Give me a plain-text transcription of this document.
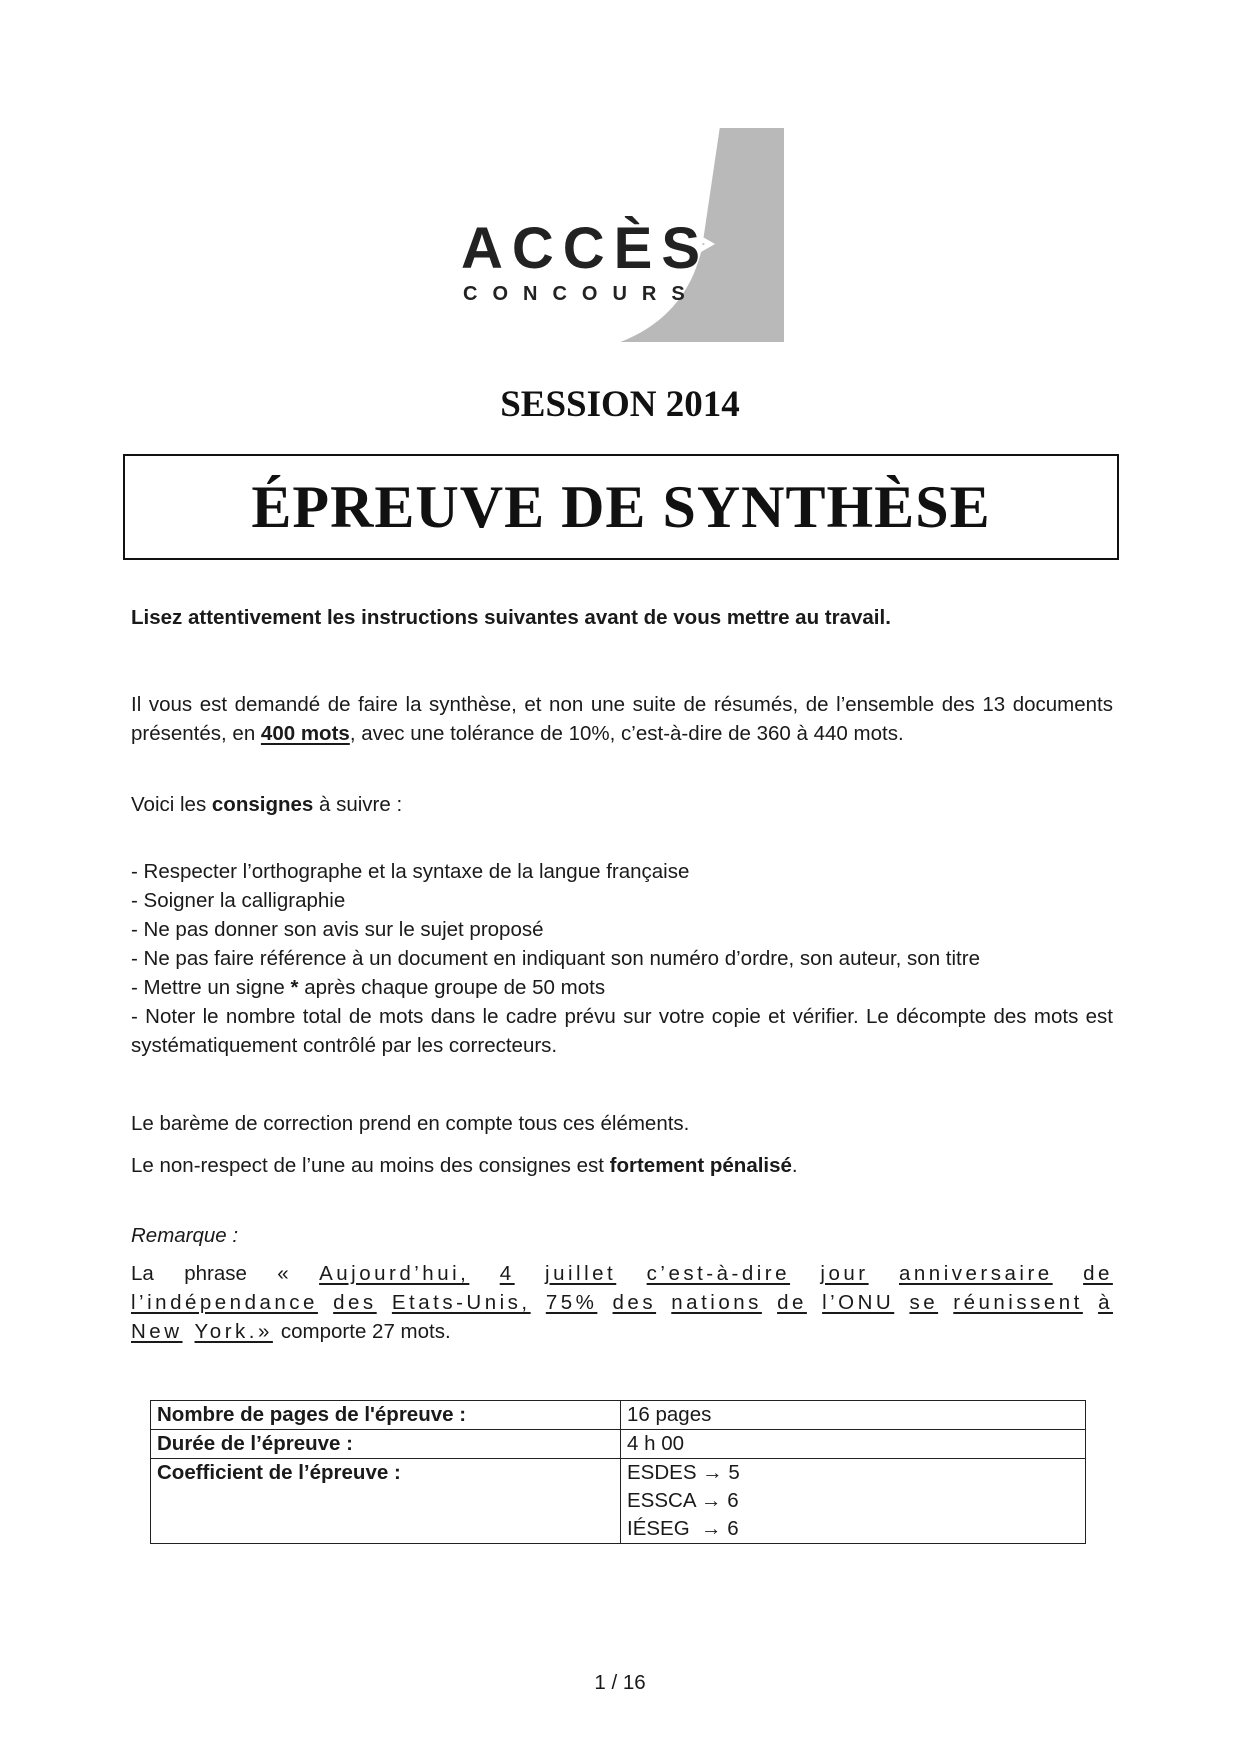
ACCÈS
CONCOURS
SESSION 2014
ÉPREUVE DE SYNTHÈSE
Lisez attentivement les instructions suivantes avant de vous mettre au travail.
Il vous est demandé de faire la synthèse, et non une suite de résumés, de l’ensemble des 13 documents présentés, en 400 mots, avec une tolérance de 10%, c’est-à-dire de 360 à 440 mots.
Voici les consignes à suivre :
- Respecter l’orthographe et la syntaxe de la langue française
- Soigner la calligraphie
- Ne pas donner son avis sur le sujet proposé
- Ne pas faire référence à un document en indiquant son numéro d’ordre, son auteur, son titre
- Mettre un signe * après chaque groupe de 50 mots
- Noter le nombre total de mots dans le cadre prévu sur votre copie et vérifier. Le décompte des mots est systématiquement contrôlé par les correcteurs.
Le barème de correction prend en compte tous ces éléments.
Le non-respect de l’une au moins des consignes est fortement pénalisé.
Remarque :
La phrase « Aujourd’hui, 4 juillet c’est-à-dire jour anniversaire de
l’indépendance des Etats-Unis, 75% des nations de l’ONU se réunissent à
New York.» comporte 27 mots.
Nombre de pages de l'épreuve :	16 pages
Durée de l’épreuve :	4 h 00
Coefficient de l’épreuve :	ESDES → 5
ESSCA → 6
IÉSEG  → 6
1 / 16
